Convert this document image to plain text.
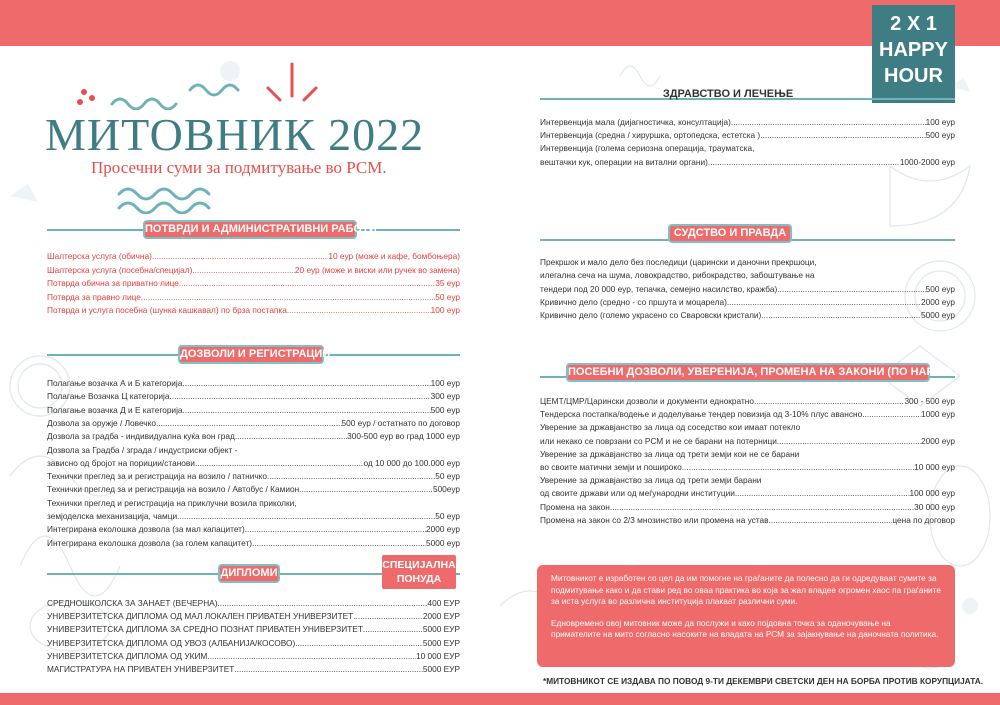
2 X 1
HAPPY
HOUR
МИТОВНИК 2022
Просечни суми за подмитување во РСМ.
ПОТВРДИ И АДМИНИСТРАТИВНИ РАБОТИ
Шалтерска услуга (обична) .....	10 еур (може и кафе, бомбоњера)
Шалтерска услуга (посебна/специјал) .....	20 еур (може и виски или ручек во замена)
Потврда обична за приватно лице .....	35 еур
Потврда за правно лице .....	50 еур
Потврда и услуга посебна (шунка кашкавал) по брза постапка .....	100 еур
ДОЗВОЛИ И РЕГИСТРАЦИИ
Полагање возачка А и Б категорија .....	100 еур
Полагање Возачка Ц категорија .....	300 еур
Полагање возачка Д и Е категорија .....	500 еур
Дозвола за оружје / Ловечко .....	500 еур / остатнато по договор
Дозвола за градба - индивидуална куќа вон град .....	300-500 еур во град 1000 еур
Дозвола за Градба / зграда / индустриски објект -
зависно од бројот на пориции/станови .....	од 10 000 до 100.000 еур
Технички преглед за и регистрација на возило / патничко .....	50 еур
Технички преглед за и регистрација на возило / Автобус / Камион .....	500еур
Технички преглед и регистрација на приклучни возила приколки,
земјоделска механизација, чамци .....	50 еур
Интегрирана еколошка дозвола (за мал капацитет) .....	2000 еур
Интегрирана еколошка дозвола (за голем капацитет) .....	5000 еур
ДИПЛОМИ
СПЕЦИЈАЛНА
ПОНУДА
СРЕДНОШКОЛСКА ЗА ЗАНАЕТ (ВЕЧЕРНА) .....	400 ЕУР
УНИВЕРЗИТЕТСКА ДИПЛОМА ОД МАЛ ЛОКАЛЕН ПРИВАТЕН УНИВЕРЗИТЕТ .....	2000 ЕУР
УНИВЕРЗИТЕТСКА ДИПЛОМА ЗА СРЕДНО ПОЗНАТ ПРИВАТЕН УНИВЕРЗИТЕТ .....	5000 ЕУР
УНИВЕРЗИТЕТСКА ДИПЛОМА ОД УВОЗ (АЛБАНИЈА/КОСОВО) .....	5000 ЕУР
УНИВЕРЗИТЕТСКА ДИПЛОМА ОД УКИМ .....	10 000 ЕУР
МАГИСТРАТУРА НА ПРИВАТЕН УНИВЕРЗИТЕТ .....	5000 ЕУР
ЗДРАВСТВО И ЛЕЧЕЊЕ
Интервенција мала (дијагностичка, консултација) .....	100 еур
Интервенција (средна / хируршка, ортопедска, естетска ) .....	500 еур
Интервенција (голема сериозна операција, траумaтска,
вештачки кук, операции на витални органи) .....	1000-2000 еур
СУДСТВО И ПРАВДА
Прекршок и мало дело без последици (царински и даночни прекршоци,
илегална сеча на шума, ловокрадство, рибокрадство, зaбоштување на
тендери под 20 000 еур, тепачка, семејно насилство, кражба) .....	500 еур
Кривично дело (средно - со пршута и моцарела) .....	2000 еур
Кривично дело (големо украсено со Сваровски кристали) .....	5000 еур
ПОСЕБНИ ДОЗВОЛИ, УВЕРЕНИЈА, ПРОМЕНА НА ЗАКОНИ (ПО НАРАЧКА)
ЦЕМТ/ЦМР/Царински дозволи и документи еднократно .....	300 - 500 еур
Тендерска постапка/водење и доделување тендер повизија од 3-10% плус аванcно .....	1000 еур
Уверение за државјанство за лица од соседство кои имаат потекло
или некако се поврзани со РСМ и не се барани на потерници .....	2000 еур
Уверение за државјанство за лица од трети земји кои не се барани
во своите матични земји и пошироко .....	10 000 еур
Уверение за државјанство за лица од трети земји барани
од своите држави или од меѓународни институции .....	100 000 еур
Промена на закон .....	30 000 еур
Промена на закон со 2/3 мнозинство или промена на устав .....	цена по договор

Митовникот е изработен со цел да им помогне на граѓаните да полесно да ги одредуваат сумите за подмитување како и да стави ред во овaа практика во која за жал владее огромен хаос па граѓаните за иста услуга во различна институција плакаат различни суми.

Едновремено овој митовник може да послужи и како појдовна точка за оданочување на примателите на мито согласно насоките на владата на РСМ за зајакнување на даночната политика.

*МИТОВНИКОТ СЕ ИЗДАВА ПО ПОВОД 9-ТИ ДЕКЕМВРИ СВЕТСКИ ДЕН НА БОРБА ПРОТИВ КОРУПЦИЈАТА.
